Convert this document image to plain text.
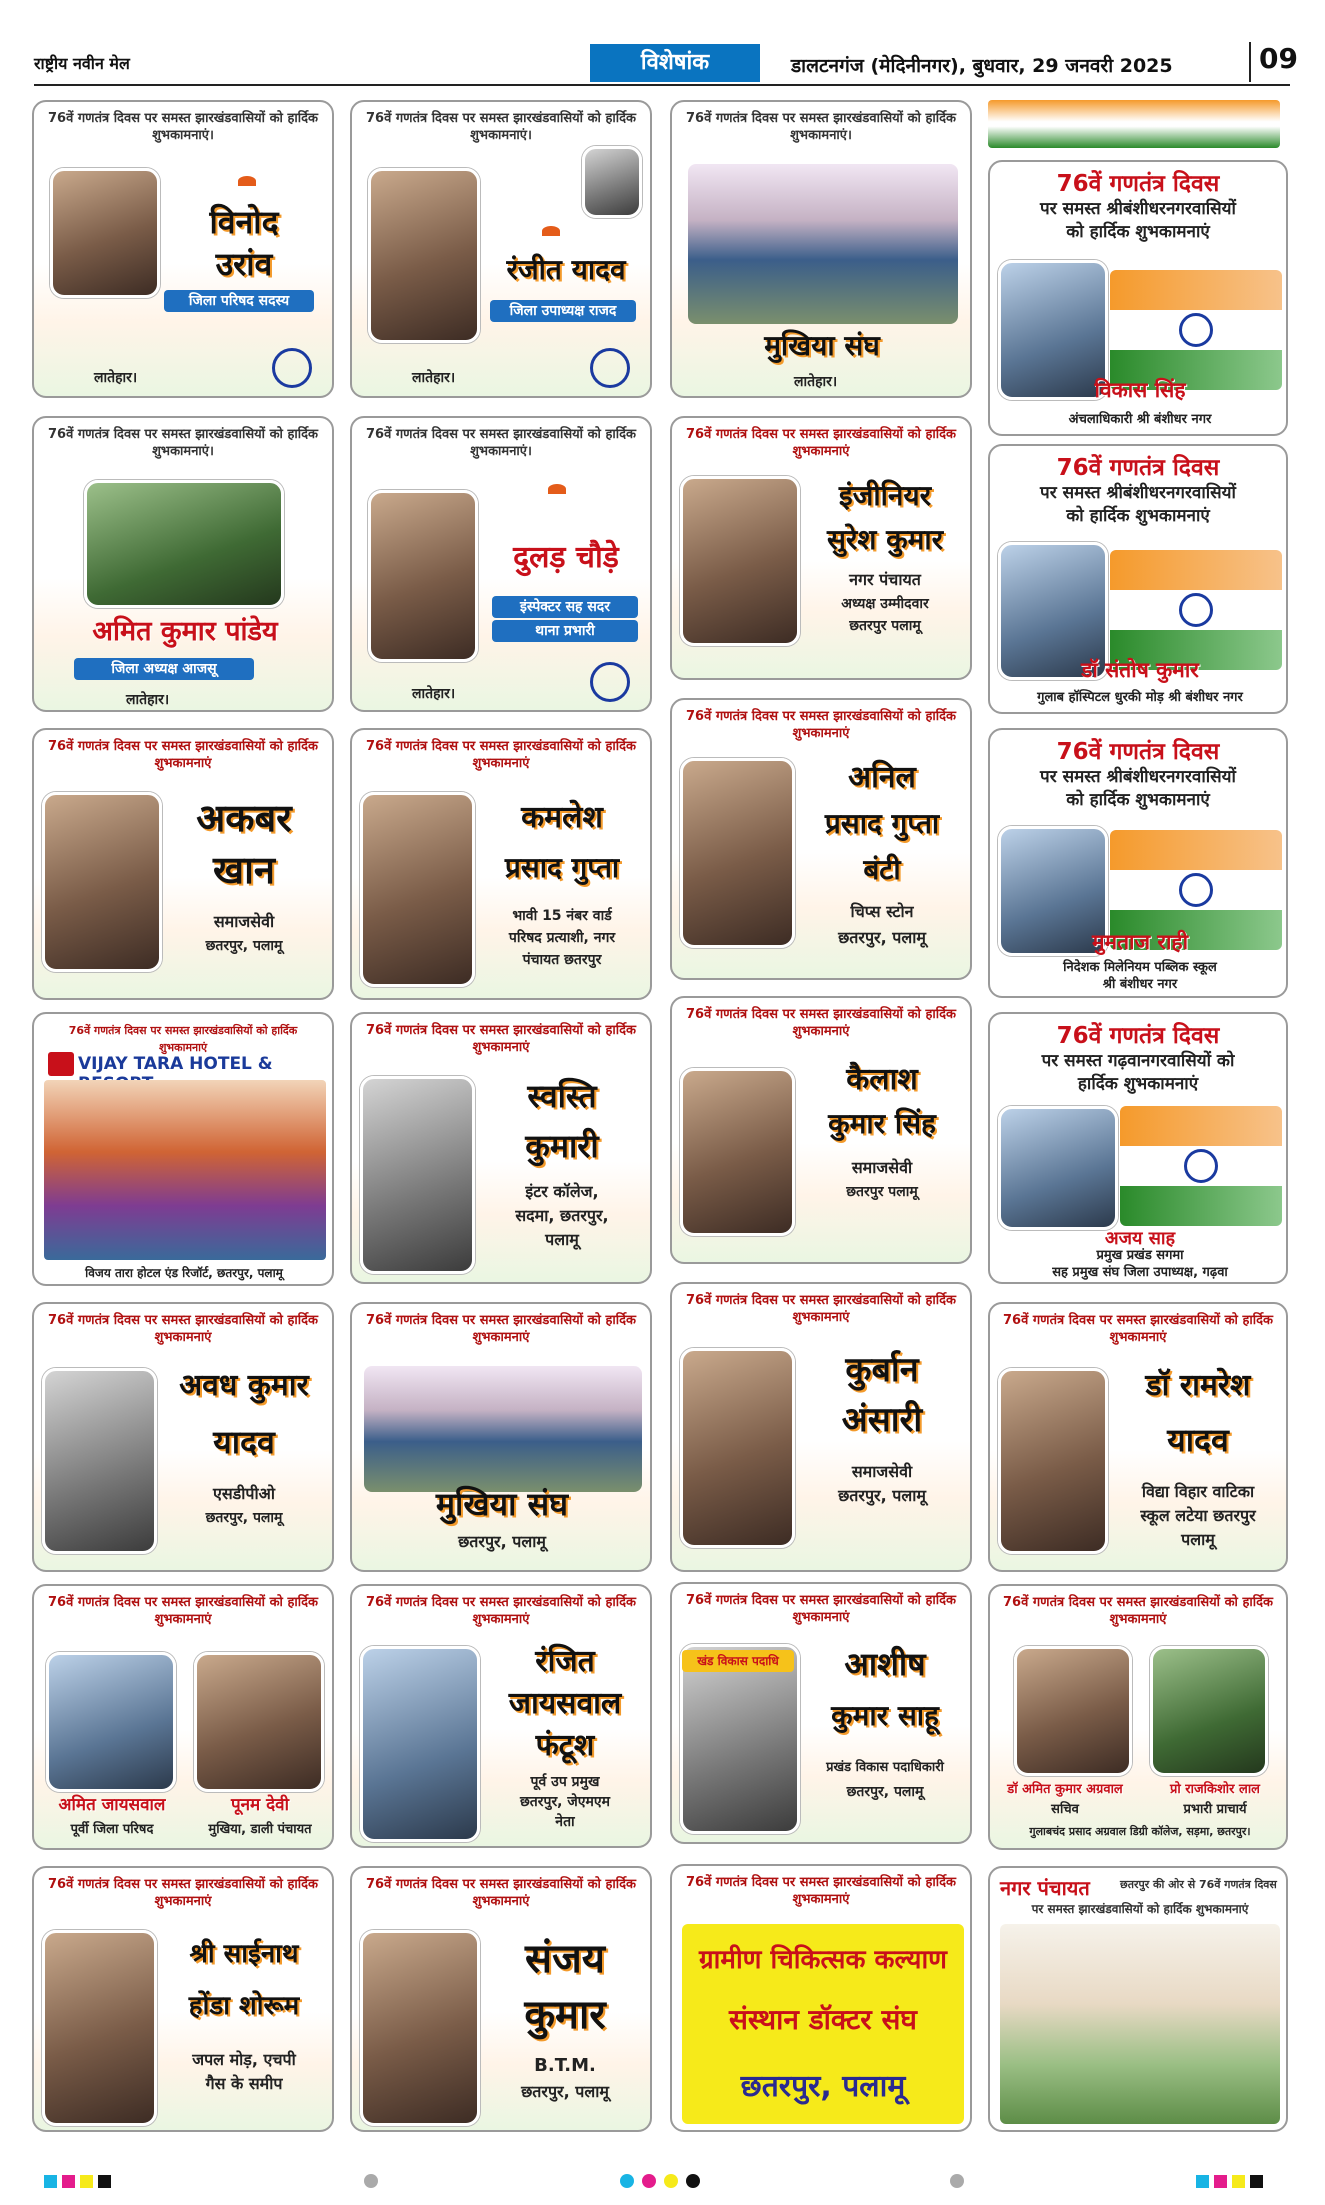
राष्ट्रीय नवीन मेल	विशेषांक	डालटनगंज (मेदिनीनगर), बुधवार, 29 जनवरी 2025	09
76वें गणतंत्र दिवस पर समस्त झारखंडवासियों को हार्दिक शुभकामनाएं।
विनोद
उरांव
जिला परिषद सदस्य
लातेहार।
76वें गणतंत्र दिवस पर समस्त झारखंडवासियों को हार्दिक शुभकामनाएं।
रंजीत यादव
जिला उपाध्यक्ष राजद
लातेहार।
76वें गणतंत्र दिवस पर समस्त झारखंडवासियों को हार्दिक शुभकामनाएं।
मुखिया संघ
लातेहार।
76वें गणतंत्र दिवस
पर समस्त श्रीबंशीधरनगरवासियों
को हार्दिक शुभकामनाएं
विकास सिंह
अंचलाधिकारी श्री बंशीधर नगर
76वें गणतंत्र दिवस पर समस्त झारखंडवासियों को हार्दिक शुभकामनाएं।
अमित कुमार पांडेय
जिला अध्यक्ष आजसू
लातेहार।
76वें गणतंत्र दिवस पर समस्त झारखंडवासियों को हार्दिक शुभकामनाएं।
दुलड़ चौड़े
इंस्पेक्टर सह सदर
थाना प्रभारी
लातेहार।
76वें गणतंत्र दिवस पर समस्त झारखंडवासियों को हार्दिक शुभकामनाएं
इंजीनियर
सुरेश कुमार
नगर पंचायत
अध्यक्ष उम्मीदवार
छतरपुर पलामू
76वें गणतंत्र दिवस
पर समस्त श्रीबंशीधरनगरवासियों
को हार्दिक शुभकामनाएं
डॉ संतोष कुमार
गुलाब हॉस्पिटल धुरकी मोड़ श्री बंशीधर नगर
76वें गणतंत्र दिवस पर समस्त झारखंडवासियों को हार्दिक शुभकामनाएं
अकबर
खान
समाजसेवी
छतरपुर, पलामू
76वें गणतंत्र दिवस पर समस्त झारखंडवासियों को हार्दिक शुभकामनाएं
कमलेश
प्रसाद गुप्ता
भावी 15 नंबर वार्ड
परिषद प्रत्याशी, नगर
पंचायत छतरपुर
76वें गणतंत्र दिवस पर समस्त झारखंडवासियों को हार्दिक शुभकामनाएं
अनिल
प्रसाद गुप्ता
बंटी
चिप्स स्टोन
छतरपुर, पलामू
76वें गणतंत्र दिवस
पर समस्त श्रीबंशीधरनगरवासियों
को हार्दिक शुभकामनाएं
मुमताज राही
निदेशक मिलेनियम पब्लिक स्कूल
श्री बंशीधर नगर
76वें गणतंत्र दिवस पर समस्त झारखंडवासियों को हार्दिक शुभकामनाएं
VIJAY TARA HOTEL &
विजय तारा होटल एंड रिजॉर्ट, छतरपुर, पलामू
76वें गणतंत्र दिवस पर समस्त झारखंडवासियों को हार्दिक शुभकामनाएं
स्वस्ति
कुमारी
इंटर कॉलेज,
सदमा, छतरपुर,
पलामू
76वें गणतंत्र दिवस पर समस्त झारखंडवासियों को हार्दिक शुभकामनाएं
कैलाश
कुमार सिंह
समाजसेवी
छतरपुर पलामू
76वें गणतंत्र दिवस
पर समस्त गढ़वानगरवासियों को
हार्दिक शुभकामनाएं
अजय साह
प्रमुख प्रखंड सगमा
सह प्रमुख संघ जिला उपाध्यक्ष, गढ़वा
76वें गणतंत्र दिवस पर समस्त झारखंडवासियों को हार्दिक शुभकामनाएं
अवध कुमार
यादव
एसडीपीओ
छतरपुर, पलामू
76वें गणतंत्र दिवस पर समस्त झारखंडवासियों को हार्दिक शुभकामनाएं
मुखिया संघ
छतरपुर, पलामू
76वें गणतंत्र दिवस पर समस्त झारखंडवासियों को हार्दिक शुभकामनाएं
कुर्बान
अंसारी
समाजसेवी
छतरपुर, पलामू
76वें गणतंत्र दिवस पर समस्त झारखंडवासियों को हार्दिक शुभकामनाएं
डॉ रामरेश
यादव
विद्या विहार वाटिका
स्कूल लटेया छतरपुर
पलामू
76वें गणतंत्र दिवस पर समस्त झारखंडवासियों को हार्दिक शुभकामनाएं
अमित जायसवाल	पूनम देवी
पूर्वी जिला परिषद	मुखिया, डाली पंचायत
76वें गणतंत्र दिवस पर समस्त झारखंडवासियों को हार्दिक शुभकामनाएं
रंजित
जायसवाल
फंटूश
पूर्व उप प्रमुख
छतरपुर, जेएमएम
नेता
76वें गणतंत्र दिवस पर समस्त झारखंडवासियों को हार्दिक शुभकामनाएं
खंड विकास पदाधि	आशीष
कुमार साहू
प्रखंड विकास पदाधिकारी
छतरपुर, पलामू
76वें गणतंत्र दिवस पर समस्त झारखंडवासियों को हार्दिक शुभकामनाएं
डॉ अमित कुमार अग्रवाल	प्रो राजकिशोर लाल
सचिव	प्रभारी प्राचार्य
गुलाबचंद प्रसाद अग्रवाल डिग्री कॉलेज, सड़मा, छतरपुर।
76वें गणतंत्र दिवस पर समस्त झारखंडवासियों को हार्दिक शुभकामनाएं
श्री साईनाथ
होंडा शोरूम
जपल मोड़, एचपी
गैस के समीप
76वें गणतंत्र दिवस पर समस्त झारखंडवासियों को हार्दिक शुभकामनाएं
संजय
कुमार
B.T.M.
छतरपुर, पलामू
76वें गणतंत्र दिवस पर समस्त झारखंडवासियों को हार्दिक शुभकामनाएं
ग्रामीण चिकित्सक कल्याण
संस्थान डॉक्टर संघ
छतरपुर, पलामू
नगर पंचायत	छतरपुर की ओर से 76वें गणतंत्र दिवस
पर समस्त झारखंडवासियों को हार्दिक शुभकामनाएं
